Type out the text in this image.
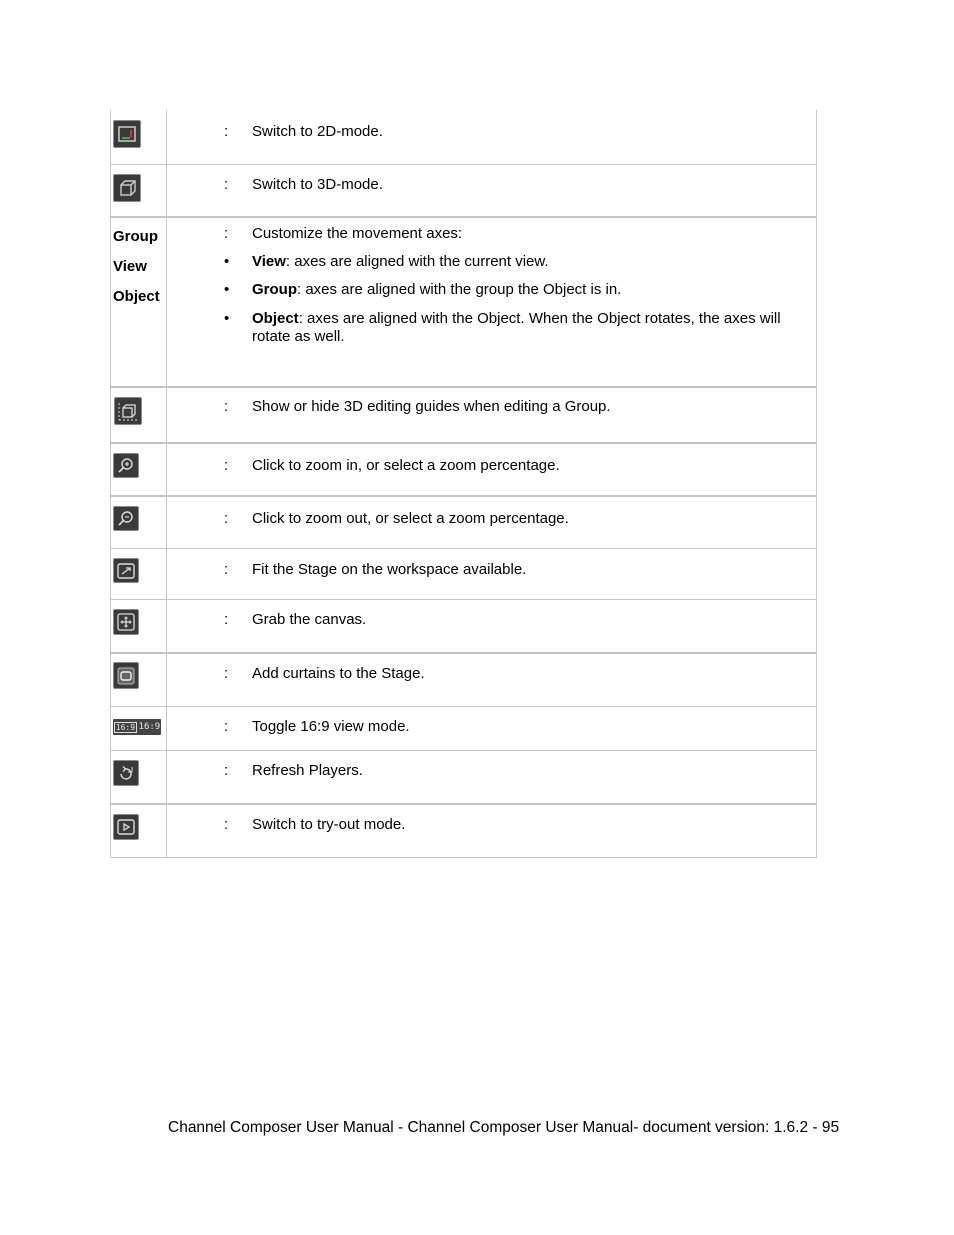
: Switch to 2D-mode.
: Switch to 3D-mode.
Group
View
Object
: Customize the movement axes:
• View: axes are aligned with the current view.
• Group: axes are aligned with the group the Object is in.
• Object: axes are aligned with the Object. When the Object rotates, the axes will rotate as well.
: Show or hide 3D editing guides when editing a Group.
: Click to zoom in, or select a zoom percentage.
: Click to zoom out, or select a zoom percentage.
: Fit the Stage on the workspace available.
: Grab the canvas.
: Add curtains to the Stage.
16:9 16:9	: Toggle 16:9 view mode.
: Refresh Players.
: Switch to try-out mode.
Channel Composer User Manual - Channel Composer User Manual- document version: 1.6.2 - 95
